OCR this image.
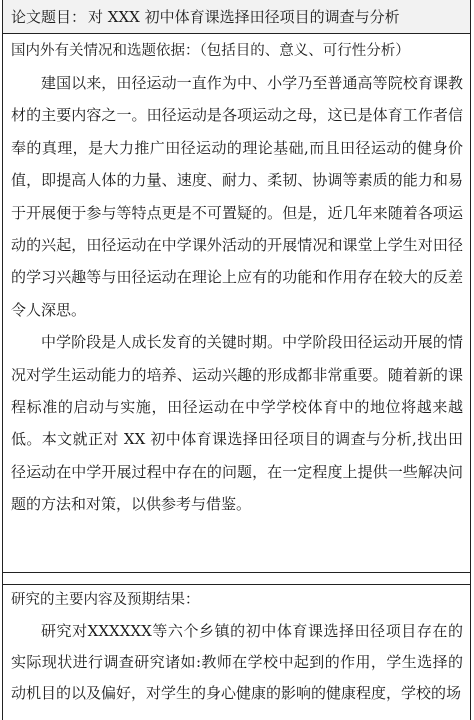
论文题目： 对 XXX 初中体育课选择田径项目的调查与分析
国内外有关情况和选题依据：（包括目的、意义、可行性分析）

建国以来，田径运动一直作为中、小学乃至普通高等院校育课教材的主要内容之一。田径运动是各项运动之母，这已是体育工作者信奉的真理，是大力推广田径运动的理论基础,而且田径运动的健身价值，即提高人体的力量、速度、耐力、柔韧、协调等素质的能力和易于开展便于参与等特点更是不可置疑的。但是，近几年来随着各项运动的兴起，田径运动在中学课外活动的开展情况和课堂上学生对田径的学习兴趣等与田径运动在理论上应有的功能和作用存在较大的反差令人深思。

中学阶段是人成长发育的关键时期。中学阶段田径运动开展的情况对学生运动能力的培养、运动兴趣的形成都非常重要。随着新的课程标准的启动与实施，田径运动在中学学校体育中的地位将越来越低。本文就正对 XX 初中体育课选择田径项目的调查与分析,找出田径运动在中学开展过程中存在的问题，在一定程度上提供一些解决问题的方法和对策，以供参考与借鉴。

研究的主要内容及预期结果：

研究对XXXXXX等六个乡镇的初中体育课选择田径项目存在的实际现状进行调查研究诸如:教师在学校中起到的作用，学生选择的动机目的以及偏好，对学生的身心健康的影响的健康程度，学校的场
